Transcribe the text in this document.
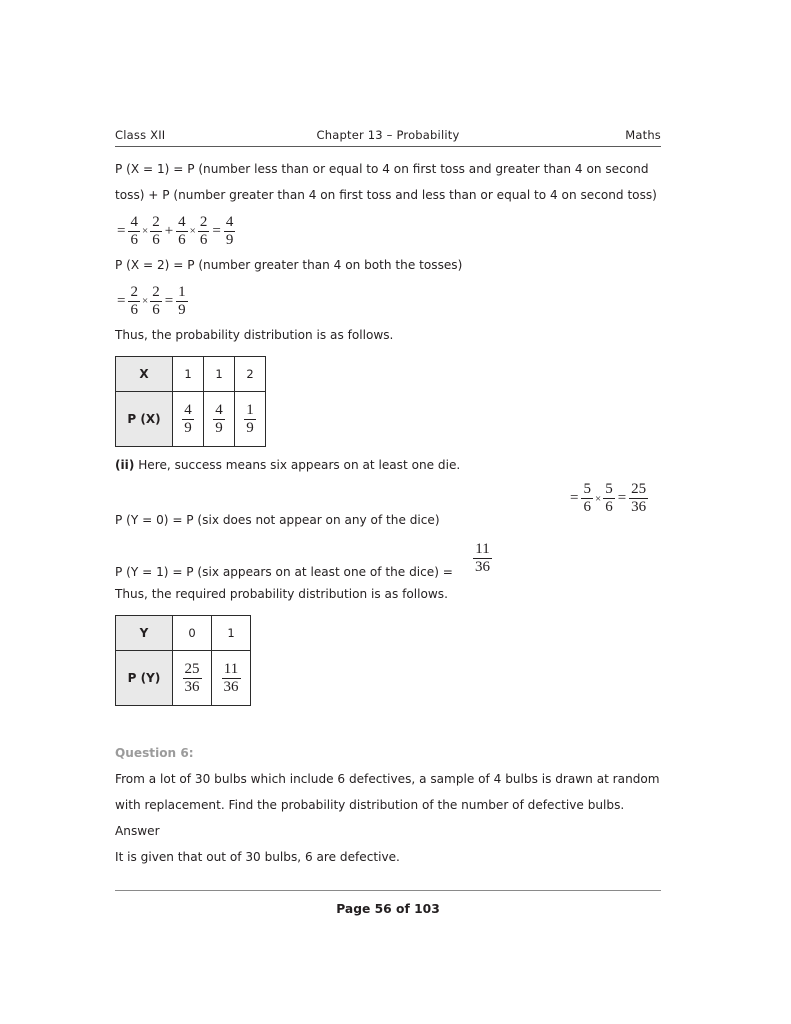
Class XII	Chapter 13 – Probability	Maths

P (X = 1) = P (number less than or equal to 4 on first toss and greater than 4 on second toss) + P (number greater than 4 on first toss and less than or equal to 4 on second toss)

= $\frac{4}{6} \times \frac{2}{6} + \frac{4}{6} \times \frac{2}{6} = \frac{4}{9}$

P (X = 2) = P (number greater than 4 on both the tosses)

= $\frac{2}{6} \times \frac{2}{6} = \frac{1}{9}$

Thus, the probability distribution is as follows.

X	1	1	2
P (X)	$\frac{4}{9}$	$\frac{4}{9}$	$\frac{1}{9}$

(ii) Here, success means six appears on at least one die.

P (Y = 0) = P (six does not appear on any of the dice)
= $\frac{5}{6} \times \frac{5}{6} = \frac{25}{36}$
P (Y = 1) = P (six appears on at least one of the dice) = $\frac{11}{36}$

Thus, the required probability distribution is as follows.

Y	0	1
P (Y)	$\frac{25}{36}$	$\frac{11}{36}$

Question 6:

From a lot of 30 bulbs which include 6 defectives, a sample of 4 bulbs is drawn at random with replacement. Find the probability distribution of the number of defective bulbs.

Answer

It is given that out of 30 bulbs, 6 are defective.

Page 56 of 103
